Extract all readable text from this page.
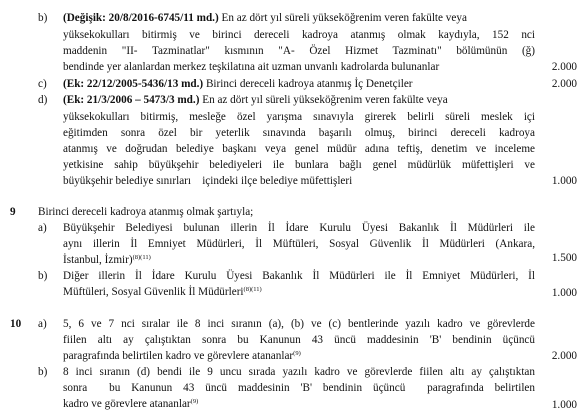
b) (Değişik: 20/8/2016-6745/11 md.) En az dört yıl süreli yükseköğrenim veren fakülte veya
yüksekokulları bitirmiş ve birinci dereceli kadroya atanmış olmak kaydıyla, 152 nci
maddenin "II- Tazminatlar" kısmının "A- Özel Hizmet Tazminatı" bölümünün (ğ)
bendinde yer alanlardan merkez teşkilatına ait uzman unvanlı kadrolarda bulunanlar	2.000
c) (Ek: 22/12/2005-5436/13 md.) Birinci dereceli kadroya atanmış İç Denetçiler	2.000
d) (Ek: 21/3/2006 – 5473/3 md.) En az dört yıl süreli yükseköğrenim veren fakülte veya
yüksekokulları bitirmiş, mesleğe özel yarışma sınavıyla girerek belirli süreli meslek içi
eğitimden sonra özel bir yeterlik sınavında başarılı olmuş, birinci dereceli kadroya
atanmış ve doğrudan belediye başkanı veya genel müdür adına teftiş, denetim ve inceleme
yetkisine sahip büyükşehir belediyeleri ile bunlara bağlı genel müdürlük müfettişleri ve
büyükşehir belediye sınırları    içindeki ilçe belediye müfettişleri	1.000
9 Birinci dereceli kadroya atanmış olmak şartıyla;
a) Büyükşehir Belediyesi bulunan illerin İl İdare Kurulu Üyesi Bakanlık İl Müdürleri ile
aynı illerin İl Emniyet Müdürleri, İl Müftüleri, Sosyal Güvenlik İl Müdürleri (Ankara,
İstanbul, İzmir)$^{(8)(11)}$	1.500
b) Diğer illerin İl İdare Kurulu Üyesi Bakanlık İl Müdürleri ile İl Emniyet Müdürleri, İl
Müftüleri, Sosyal Güvenlik İl Müdürleri$^{(8)(11)}$	1.000
10 a) 5, 6 ve 7 nci sıralar ile 8 inci sıranın (a), (b) ve (c) bentlerinde yazılı kadro ve görevlerde
fiilen altı ay çalıştıktan sonra bu Kanunun 43 üncü maddesinin 'B' bendinin üçüncü
paragrafında belirtilen kadro ve görevlere atananlar$^{(9)}$	2.000
b) 8 inci sıranın (d) bendi ile 9 uncu sırada yazılı kadro ve görevlerde fiilen altı ay çalıştıktan
sonra  bu Kanunun 43 üncü maddesinin 'B' bendinin üçüncü  paragrafında belirtilen
kadro ve görevlere atananlar$^{(9)}$	1.000
